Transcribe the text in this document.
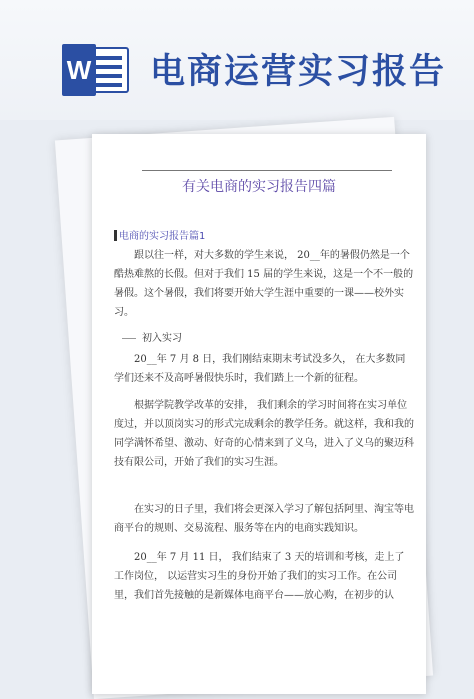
W 电商运营实习报告
有关电商的实习报告四篇
电商的实习报告篇1
跟以往一样，对大多数的学生来说， 20__年的暑假仍然是一个酷热难熬的长假。但对于我们 15 届的学生来说，这是一个不一般的暑假。这个暑假，我们将要开始大学生涯中重要的一课——校外实习。
初入实习
20__年 7 月 8 日，我们刚结束期末考试没多久， 在大多数同学们还来不及高呼暑假快乐时，我们踏上一个新的征程。
根据学院教学改革的安排， 我们剩余的学习时间将在实习单位度过，并以顶岗实习的形式完成剩余的教学任务。就这样，我和我的同学满怀希望、激动、好奇的心情来到了义乌，进入了义乌的聚迈科技有限公司，开始了我们的实习生涯。
在实习的日子里，我们将会更深入学习了解包括阿里、淘宝等电商平台的规则、交易流程、服务等在内的电商实践知识。
20__年 7 月 11 日， 我们结束了 3 天的培训和考核，走上了工作岗位， 以运营实习生的身份开始了我们的实习工作。在公司里，我们首先接触的是新媒体电商平台——放心购，在初步的认
